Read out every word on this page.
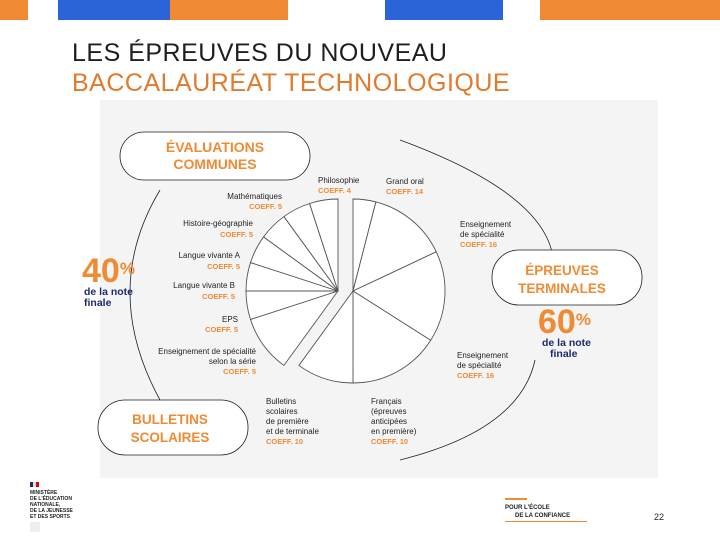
LES ÉPREUVES DU NOUVEAU
BACCALAURÉAT TECHNOLOGIQUE
ÉVALUATIONS
COMMUNES
ÉPREUVES
TERMINALES
BULLETINS
SCOLAIRES
40%
de la note
finale	60%
de la note
finale
Philosophie
COEFF. 4
Grand oral
COEFF. 14
Enseignement
de spécialité
COEFF. 16
Enseignement
de spécialité
COEFF. 16
Français
(épreuves
anticipées
en première)
COEFF. 10
Bulletins
scolaires
de première
et de terminale
COEFF. 10
Mathématiques
COEFF. 5
Histoire-géographie
COEFF. 5
Langue vivante A
COEFF. 5
Langue vivante B
COEFF. 5
EPS
COEFF. 5
Enseignement de spécialité
selon la série
COEFF. 5
MINISTÈRE
DE L'ÉDUCATION
NATIONALE,
DE LA JEUNESSE
ET DES SPORTS
POUR L'ÉCOLE
DE LA CONFIANCE	22
